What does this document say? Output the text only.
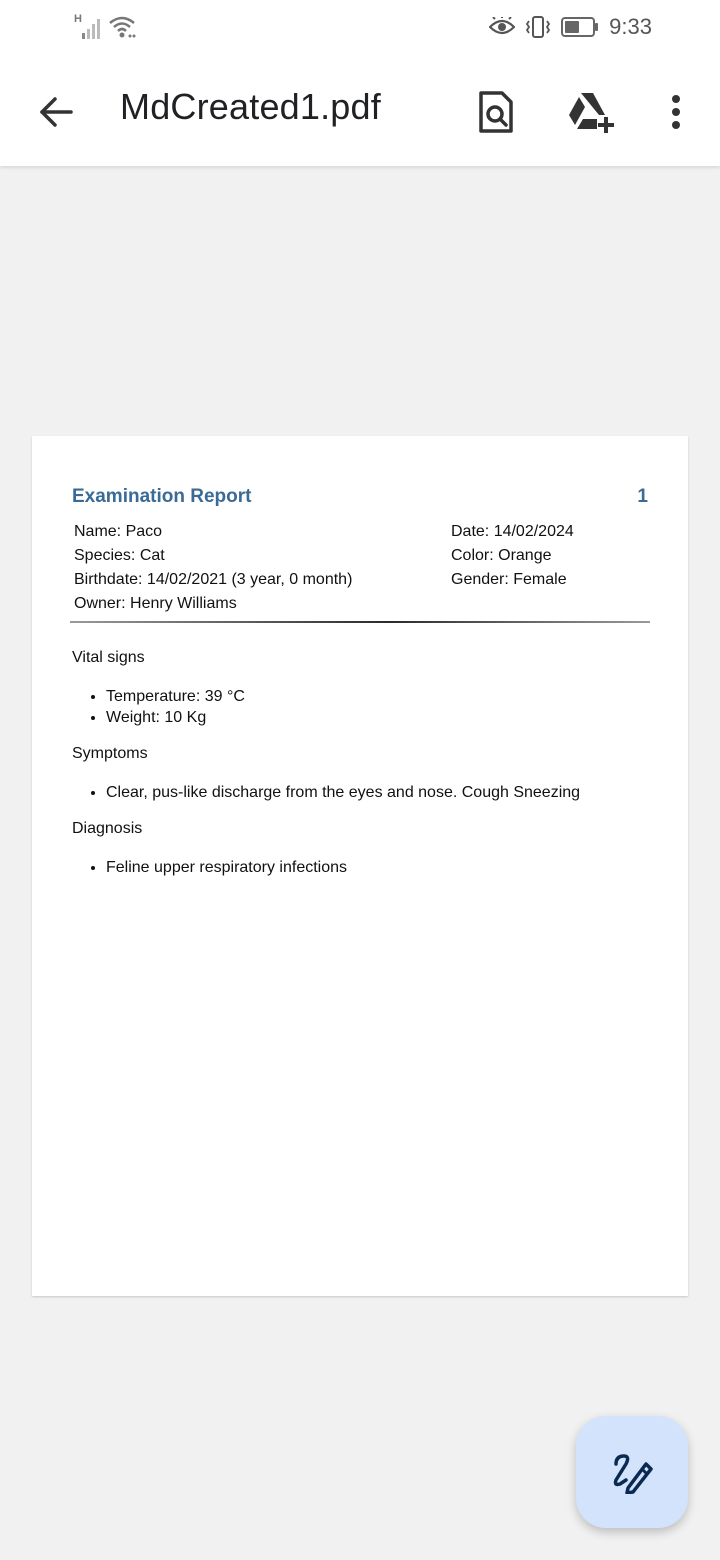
H	9:33
MdCreated1.pdf
Examination Report	1
Name: Paco
Species: Cat
Birthdate: 14/02/2021 (3 year, 0 month)
Owner: Henry Williams
Date: 14/02/2024
Color: Orange
Gender: Female
Vital signs
• Temperature: 39 °C
• Weight: 10 Kg
Symptoms
• Clear, pus-like discharge from the eyes and nose. Cough Sneezing
Diagnosis
• Feline upper respiratory infections
